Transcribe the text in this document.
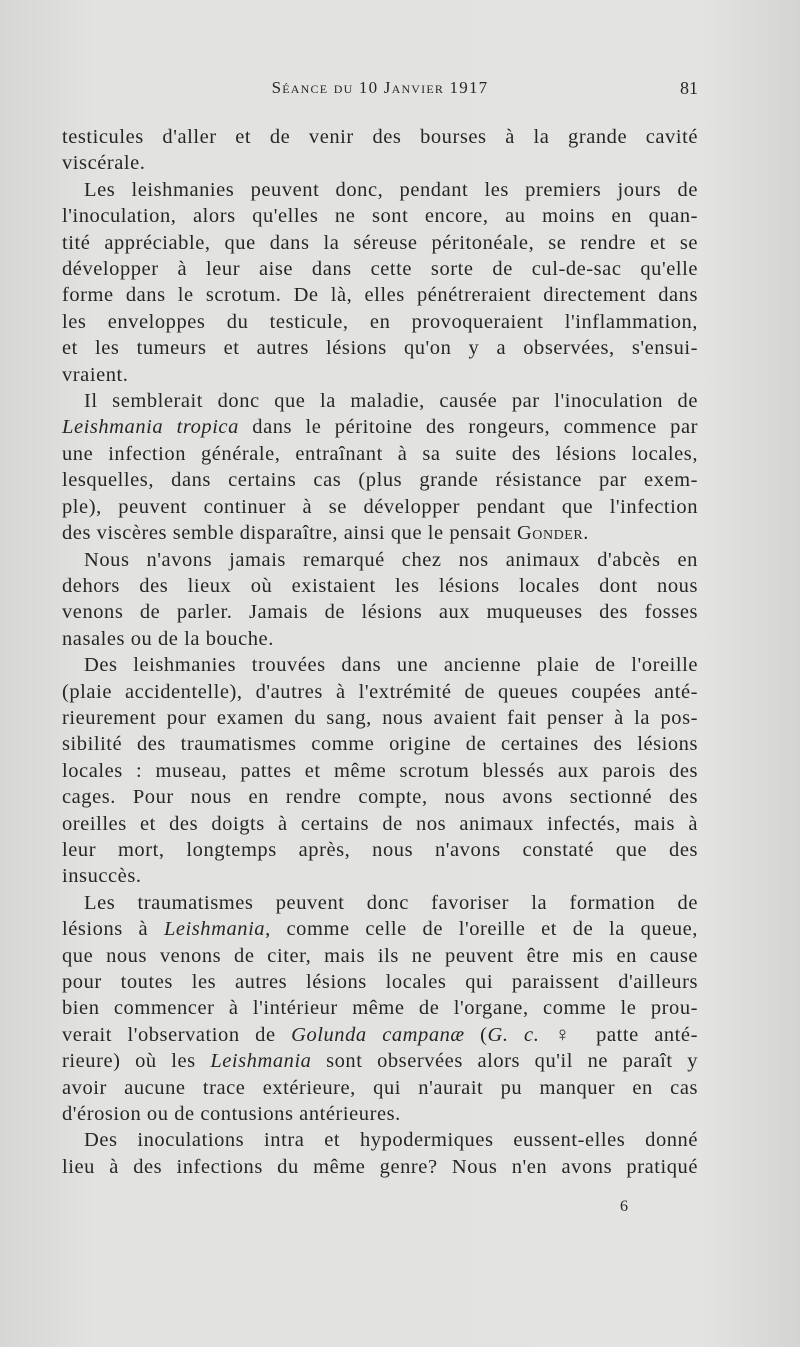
Séance du 10 Janvier 1917	81

testicules d'aller et de venir des bourses à la grande cavité
viscérale.

Les leishmanies peuvent donc, pendant les premiers jours de
l'inoculation, alors qu'elles ne sont encore, au moins en quan-
tité appréciable, que dans la séreuse péritonéale, se rendre et se
développer à leur aise dans cette sorte de cul-de-sac qu'elle
forme dans le scrotum. De là, elles pénétreraient directement dans
les enveloppes du testicule, en provoqueraient l'inflammation,
et les tumeurs et autres lésions qu'on y a observées, s'ensui-
vraient.

Il semblerait donc que la maladie, causée par l'inoculation de
Leishmania tropica dans le péritoine des rongeurs, commence par
une infection générale, entraînant à sa suite des lésions locales,
lesquelles, dans certains cas (plus grande résistance par exem-
ple), peuvent continuer à se développer pendant que l'infection
des viscères semble disparaître, ainsi que le pensait Gonder.

Nous n'avons jamais remarqué chez nos animaux d'abcès en
dehors des lieux où existaient les lésions locales dont nous
venons de parler. Jamais de lésions aux muqueuses des fosses
nasales ou de la bouche.

Des leishmanies trouvées dans une ancienne plaie de l'oreille
(plaie accidentelle), d'autres à l'extrémité de queues coupées anté-
rieurement pour examen du sang, nous avaient fait penser à la pos-
sibilité des traumatismes comme origine de certaines des lésions
locales : museau, pattes et même scrotum blessés aux parois des
cages. Pour nous en rendre compte, nous avons sectionné des
oreilles et des doigts à certains de nos animaux infectés, mais à
leur mort, longtemps après, nous n'avons constaté que des
insuccès.

Les traumatismes peuvent donc favoriser la formation de
lésions à Leishmania, comme celle de l'oreille et de la queue,
que nous venons de citer, mais ils ne peuvent être mis en cause
pour toutes les autres lésions locales qui paraissent d'ailleurs
bien commencer à l'intérieur même de l'organe, comme le prou-
verait l'observation de Golunda campanæ (G. c. ♀ patte anté-
rieure) où les Leishmania sont observées alors qu'il ne paraît y
avoir aucune trace extérieure, qui n'aurait pu manquer en cas
d'érosion ou de contusions antérieures.

Des inoculations intra et hypodermiques eussent-elles donné
lieu à des infections du même genre? Nous n'en avons pratiqué

6
